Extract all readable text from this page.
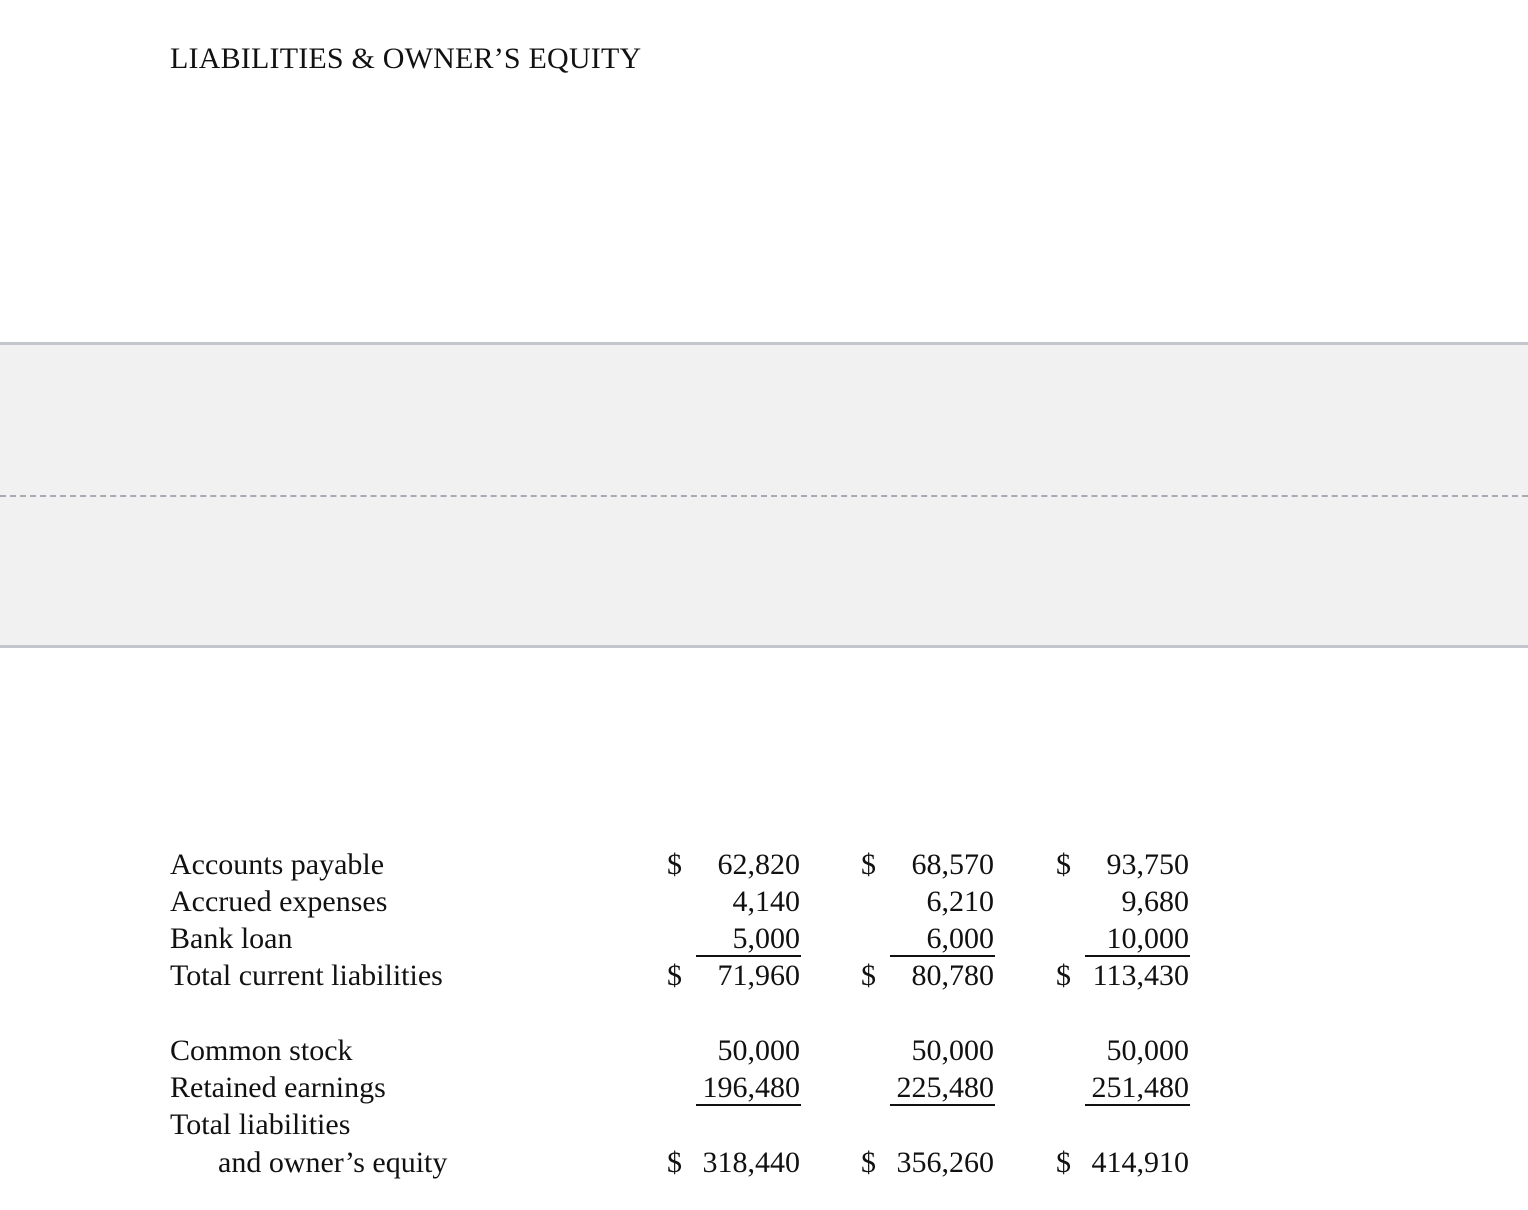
LIABILITIES & OWNER’S EQUITY
Accounts payable	$ 62,820 $ 68,570 $ 93,750
Accrued expenses	4,140	6,210	9,680
Bank loan	5,000	6,000	10,000
Total current liabilities	$ 71,960 $ 80,780 $ 113,430
Common stock	50,000	50,000	50,000
Retained earnings	196,480	225,480	251,480
Total liabilities
and owner’s equity	$ 318,440 $ 356,260 $ 414,910
